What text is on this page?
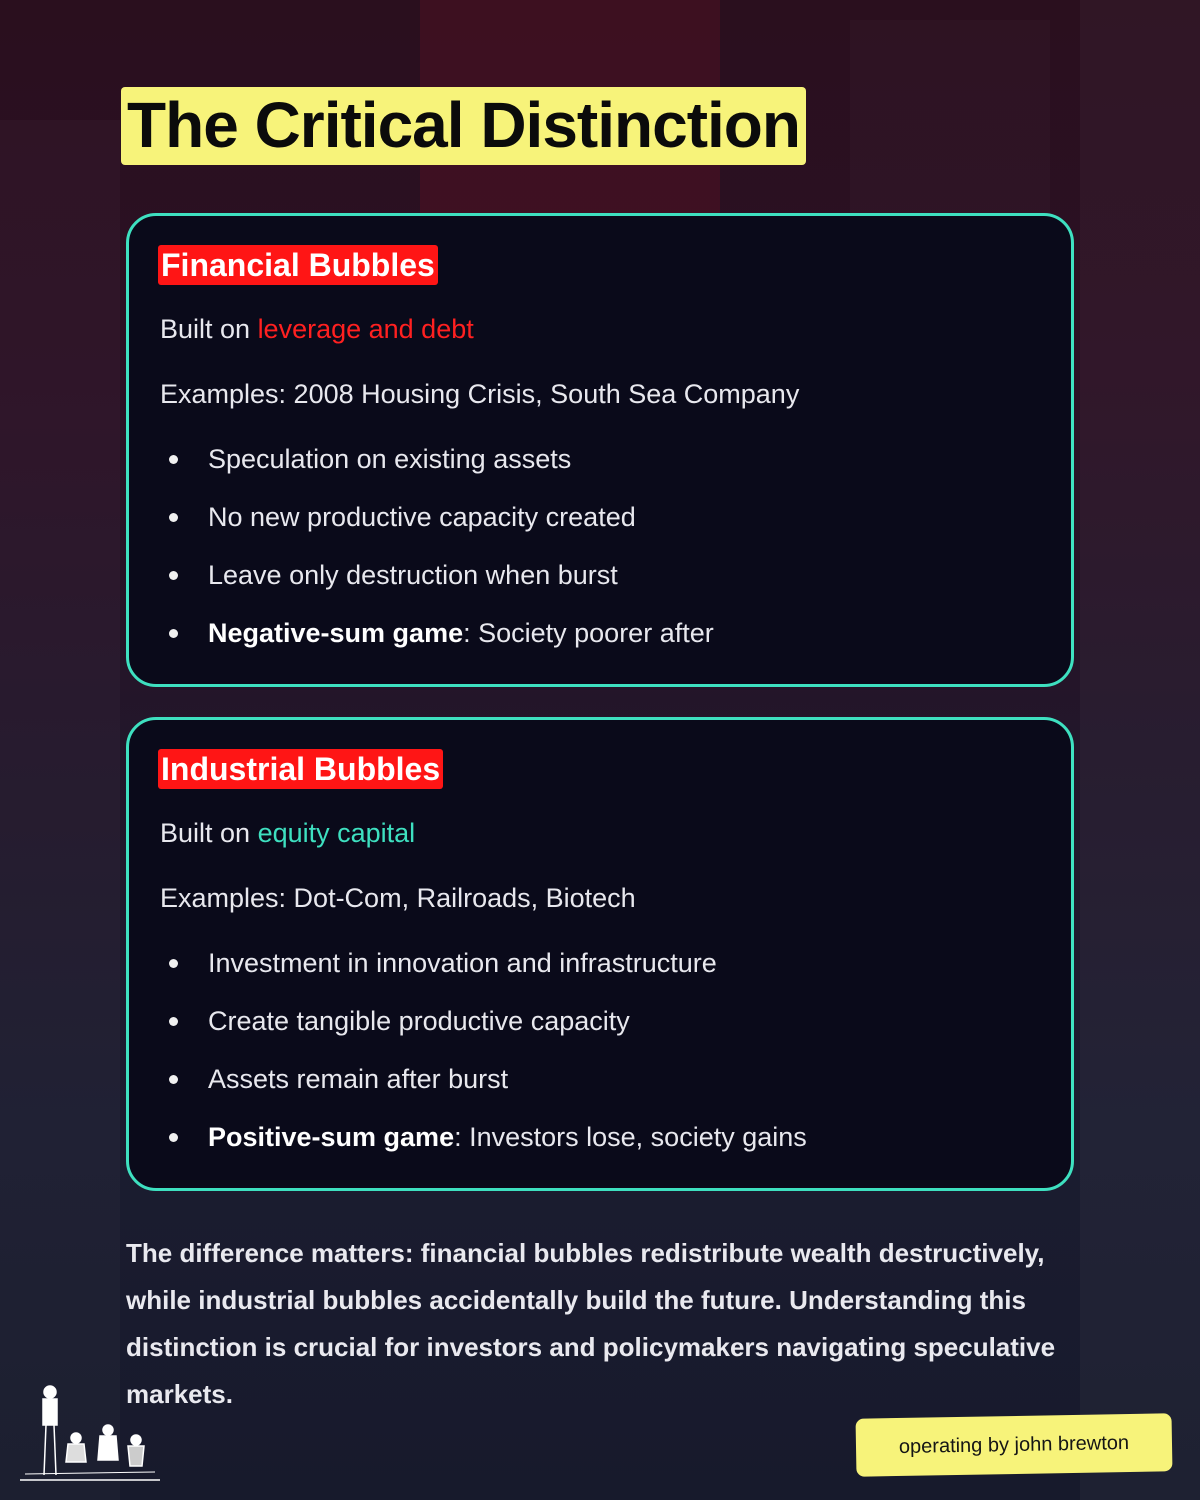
The Critical Distinction
Financial Bubbles
Built on leverage and debt
Examples: 2008 Housing Crisis, South Sea Company
Speculation on existing assets
No new productive capacity created
Leave only destruction when burst
Negative-sum game: Society poorer after
Industrial Bubbles
Built on equity capital
Examples: Dot-Com, Railroads, Biotech
Investment in innovation and infrastructure
Create tangible productive capacity
Assets remain after burst
Positive-sum game: Investors lose, society gains

The difference matters: financial bubbles redistribute wealth destructively, while industrial bubbles accidentally build the future. Understanding this distinction is crucial for investors and policymakers navigating speculative markets.

operating by john brewton
